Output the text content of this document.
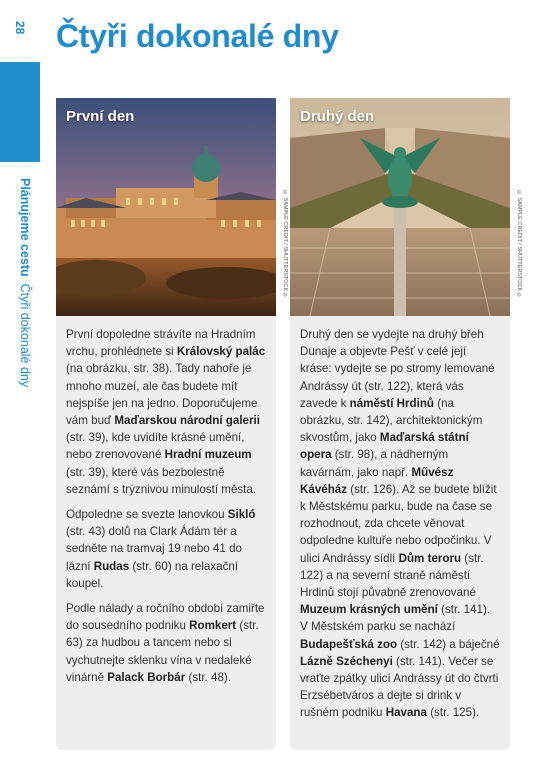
28
Plánujeme cestu  Čtyři dokonalé dny
Čtyři dokonalé dny
První den

První dopoledne strávíte na Hradním vrchu, prohlédnete si Královský palác (na obrázku, str. 38). Tady nahoře je mnoho muzeí, ale čas budete mít nejspíše jen na jedno. Doporučujeme vám buď Maďarskou národní galerii (str. 39), kde uvidíte krásné umění, nebo zrenovované Hradní muzeum (str. 39), které vás bezbolestně seznámí s trýznivou minulostí města.

Odpoledne se svezte lanovkou Sikló (str. 43) dolů na Clark Ádám tér a sedněte na tramvaj 19 nebo 41 do lázní Rudas (str. 60) na relaxační koupel.

Podle nálady a ročního období zamiřte do sousedního podniku Romkert (str. 63) za hudbou a tancem nebo si vychutnejte sklenku vína v nedaleké vinárně Palack Borbár (str. 48).

© SAMPLE CREDIT / SHUTTERSTOCK ©
Druhý den

Druhý den se vydejte na druhý břeh Dunaje a objevte Pešť v celé její kráse: vydejte se po stromy lemované Andrássy út (str. 122), která vás zavede k náměstí Hrdinů (na obrázku, str. 142), architektonickým skvostům, jako Maďarská státní opera (str. 98), a nádherným kavárnám, jako např. Művész Kávéház (str. 126). Až se budete blížit k Městskému parku, bude na čase se rozhodnout, zda chcete věnovat odpoledne kultuře nebo odpočinku. V ulici Andrássy sídlí Dům teroru (str. 122) a na severní straně náměstí Hrdinů stojí půvabně zrenovované Muzeum krásných umění (str. 141). V Městském parku se nachází Budapešťská zoo (str. 142) a báječné Lázně Széchenyi (str. 141). Večer se vraťte zpátky ulicí Andrássy út do čtvrti Erzsébetváros a dejte si drink v rušném podniku Havana (str. 125).

© SAMPLE CREDIT / SHUTTERSTOCK ©
